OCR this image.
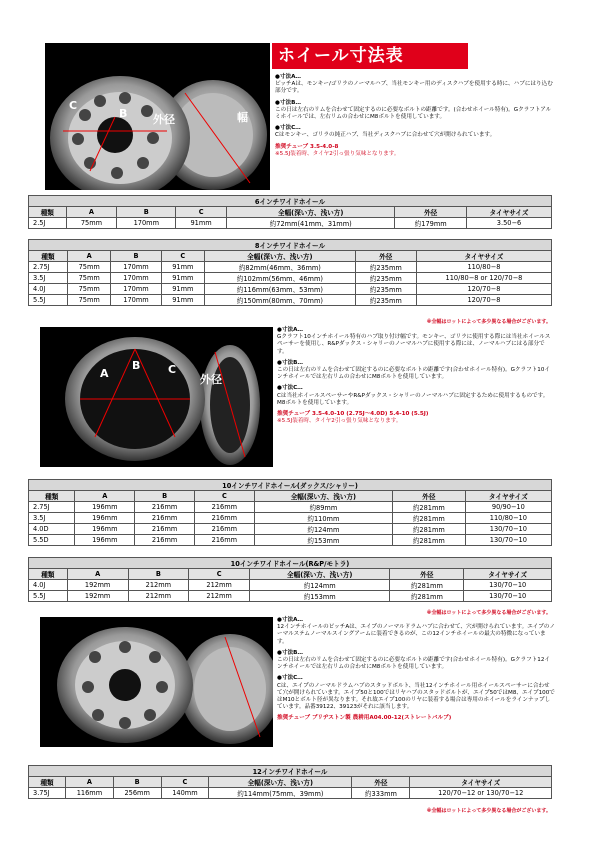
C
B 外径	幅
ホイール寸法表

●寸法A…

ピッチAは、モンキー/ゴリラのノーマルハブ、当社モンキー用のディスクハブを使用する時に、ハブにはり込む部分です。

●寸法B…

この日は左右のリムを合わせて固定するのに必要なボルトの距離です。(合わせホイール特有)。Gクラフトアルミホイールでは、左右リムの合わせにM8ボルトを使用しています。

●寸法C…

Cはモンキー、ゴリラの純正ハブ、当社ディスクハブに合わせて穴が開けられています。

推奨チューブ 3.5-4.0-8

※5.5J装着時、タイヤ2引っ張り気味となります。

6インチワイドホイール						
種類	A	B	C	全幅(深い方、浅い方)	外径	タイヤサイズ
2.5J	75mm	170mm	91mm	約72mm(41mm、31mm)	約179mm	3.50−6
8インチワイドホイール						
種類	A	B	C	全幅(深い方、浅い方)	外径	タイヤサイズ
2.75J	75mm	170mm	91mm	約82mm(46mm、36mm)	約235mm	110/80−8
3.5J	75mm	170mm	91mm	約102mm(56mm、46mm)	約235mm	110/80−8 or 120/70−8
4.0J	75mm	170mm	91mm	約116mm(63mm、53mm)	約235mm	120/70−8
5.5J	75mm	170mm	91mm	約150mm(80mm、70mm)	約235mm	120/70−8
※全幅はロットによって多少異なる場合がございます。
A
B	C
外径

●寸法A…

Gクラフト10インチホイール特有のハブ取り付け幅です。モンキー、ゴリラに使用する際には当社ホイールスペーサーを使用し、R&Pダックス・シャリーのノーマルハブに使用する際には、ノーマルハブにはる部分です。

●寸法B…

この日は左右のリムを合わせて固定するのに必要なボルトの距離です(合わせホイール特有)。Gクラフト10インチホイールでは左右リムの合わせにM8ボルトを使用しています。

●寸法C…

Cは当社ホイールスペーサーやR&Pダックス・シャリーのノーマルハブに固定するために使用するものです。M8ボルトを使用しています。

推奨チューブ 3.5-4.0-10 (2.75J～4.0D) 5.4-10 (5.5J)

※5.5J装着時、タイヤ2引っ張り気味となります。

10インチワイドホイール(ダックス/シャリー)						
種類	A	B	C	全幅(深い方、浅い方)	外径	タイヤサイズ
2.75J	196mm	216mm	216mm	約89mm	約281mm	90/90−10
3.5J	196mm	216mm	216mm	約110mm	約281mm	110/80−10
4.0D	196mm	216mm	216mm	約124mm	約281mm	130/70−10
5.5D	196mm	216mm	216mm	約153mm	約281mm	130/70−10
10インチワイドホイール(R&P/モトラ)						
種類	A	B	C	全幅(深い方、浅い方)	外径	タイヤサイズ
4.0J	192mm	212mm	212mm	約124mm	約281mm	130/70−10
5.5J	192mm	212mm	212mm	約153mm	約281mm	130/70−10
※全幅はロットによって多少異なる場合がございます。

●寸法A…

12インチホイールのピッチAは、エイプのノーマルドラムハブに合わせて、穴が開けられています。エイプのノーマルステムノーマルスイングアームに装着できるのが、この12インチホイールの最大の特徴になっています。

●寸法B…

この日は左右のリムを合わせて固定するのに必要なボルトの距離です(合わせホイール特有)。Gクラフト12インチホイールでは左右リムの合わせにM8ボルトを使用しています。

●寸法C…

Cは、エイプのノーマルドラムハブのスタッドボルト、当社12インチホイール用ホイールスペーサーに合わせて穴が開けられています。エイプ50と100ではリヤハブのスタッドボルトが、エイプ50ではM8、エイプ100ではM10とボルト径が異なります。それ故エイプ100のリヤに装着する場合は専用のホイールをラインナップしています。品番39122、39123がそれに該当します。

推奨チューブ ブリヂストン製 農耕用A04.00-12(ストレートバルブ)

12インチワイドホイール						
種類	A	B	C	全幅(深い方、浅い方)	外径	タイヤサイズ
3.75J	116mm	256mm	140mm	約114mm(75mm、39mm)	約333mm	120/70−12 or 130/70−12
※全幅はロットによって多少異なる場合がございます。
